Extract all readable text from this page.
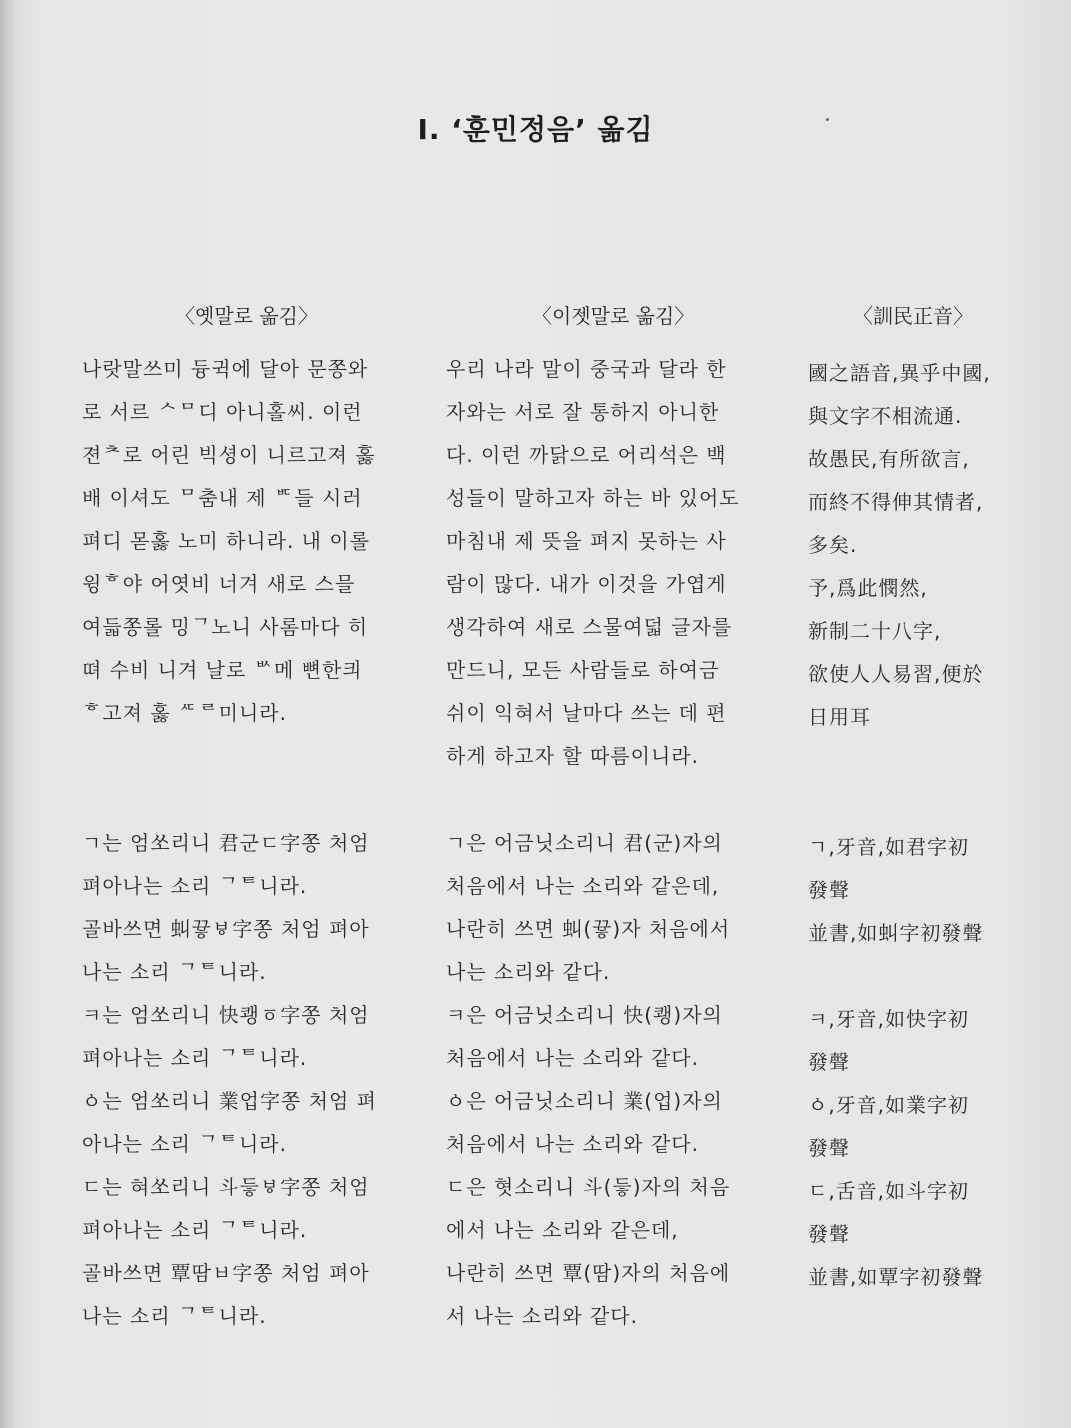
Ⅰ. ‘훈민정음’ 옮김
〈옛말로 옮김〉	〈이젯말로 옮김〉	〈訓民正音〉
나랏말쓰미 듕귁에 달아 문쫑와
로 서르 ᄉᄆ디 아니홀씨. 이런
젼ᄎ로 어린 빅셩이 니르고져 홇
배 이셔도 ᄆ춤내 제 ᄠ들 시러
펴디 몯홇 노미 하니라. 내 이롤
윙ᄒ야 어엿비 너겨 새로 스믈
여듧쫑롤 밍ᄀ노니 사롬마다 히
뗘 수비 니겨 날로 ᄡ메 뼌한킈
ᄒ고져 홇 ᄯᄅ미니라.
우리 나라 말이 중국과 달라 한
자와는 서로 잘 통하지 아니한
다. 이런 까닭으로 어리석은 백
성들이 말하고자 하는 바 있어도
마침내 제 뜻을 펴지 못하는 사
람이 많다. 내가 이것을 가엽게
생각하여 새로 스물여덟 글자를
만드니, 모든 사람들로 하여금
쉬이 익혀서 날마다 쓰는 데 편
하게 하고자 할 따름이니라.
國之語音,異乎中國,
與文字不相流通.
故愚民,有所欲言,
而終不得伸其情者,
多矣.
予,爲此憫然,
新制二十八字,
欲使人人易習,便於
日用耳
ㄱ는 엄쏘리니 君군ㄷ字쫑 처엄
펴아나는 소리 ᄀᄐ니라.
골바쓰면 虯끃ㅸ字쫑 처엄 펴아
나는 소리 ᄀᄐ니라.
ㅋ는 엄쏘리니 快쾡ㆆ字쫑 처엄
펴아나는 소리 ᄀᄐ니라.
ㆁ는 엄쏘리니 業업字쫑 처엄 펴
아나는 소리 ᄀᄐ니라.
ㄷ는 혀쏘리니 斗듷ㅸ字쫑 처엄
펴아나는 소리 ᄀᄐ니라.
골바쓰면 覃땀ㅂ字쫑 처엄 펴아
나는 소리 ᄀᄐ니라.
ㄱ은 어금닛소리니 君(군)자의
처음에서 나는 소리와 같은데,
나란히 쓰면 虯(끃)자 처음에서
나는 소리와 같다.
ㅋ은 어금닛소리니 快(쾡)자의
처음에서 나는 소리와 같다.
ㆁ은 어금닛소리니 業(업)자의
처음에서 나는 소리와 같다.
ㄷ은 혓소리니 斗(듷)자의 처음
에서 나는 소리와 같은데,
나란히 쓰면 覃(땀)자의 처음에
서 나는 소리와 같다.
ㄱ,牙音,如君字初
發聲
並書,如虯字初發聲
ㅋ,牙音,如快字初
發聲
ㆁ,牙音,如業字初
發聲
ㄷ,舌音,如斗字初
發聲
並書,如覃字初發聲
